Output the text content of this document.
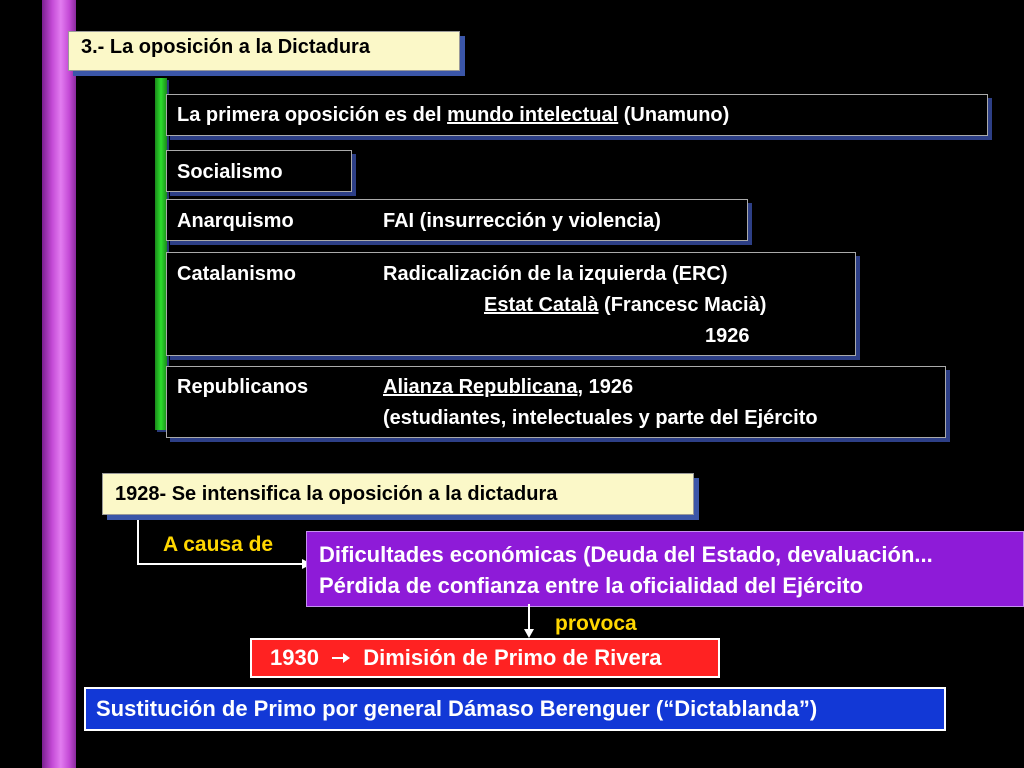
3.- La oposición a la Dictadura
La primera oposición es del mundo intelectual (Unamuno)
Socialismo
Anarquismo	FAI (insurrección y violencia)
Catalanismo	Radicalización de la izquierda (ERC)
Estat Català (Francesc Macià)
1926
Republicanos	Alianza Republicana, 1926
(estudiantes, intelectuales y parte del Ejército
1928- Se intensifica la oposición a la dictadura
A causa de Dificultades económicas (Deuda del Estado, devaluación...
Pérdida de confianza entre la oficialidad del Ejército
provoca
1930 Dimisión de Primo de Rivera
Sustitución de Primo por general Dámaso Berenguer (“Dictablanda”)
